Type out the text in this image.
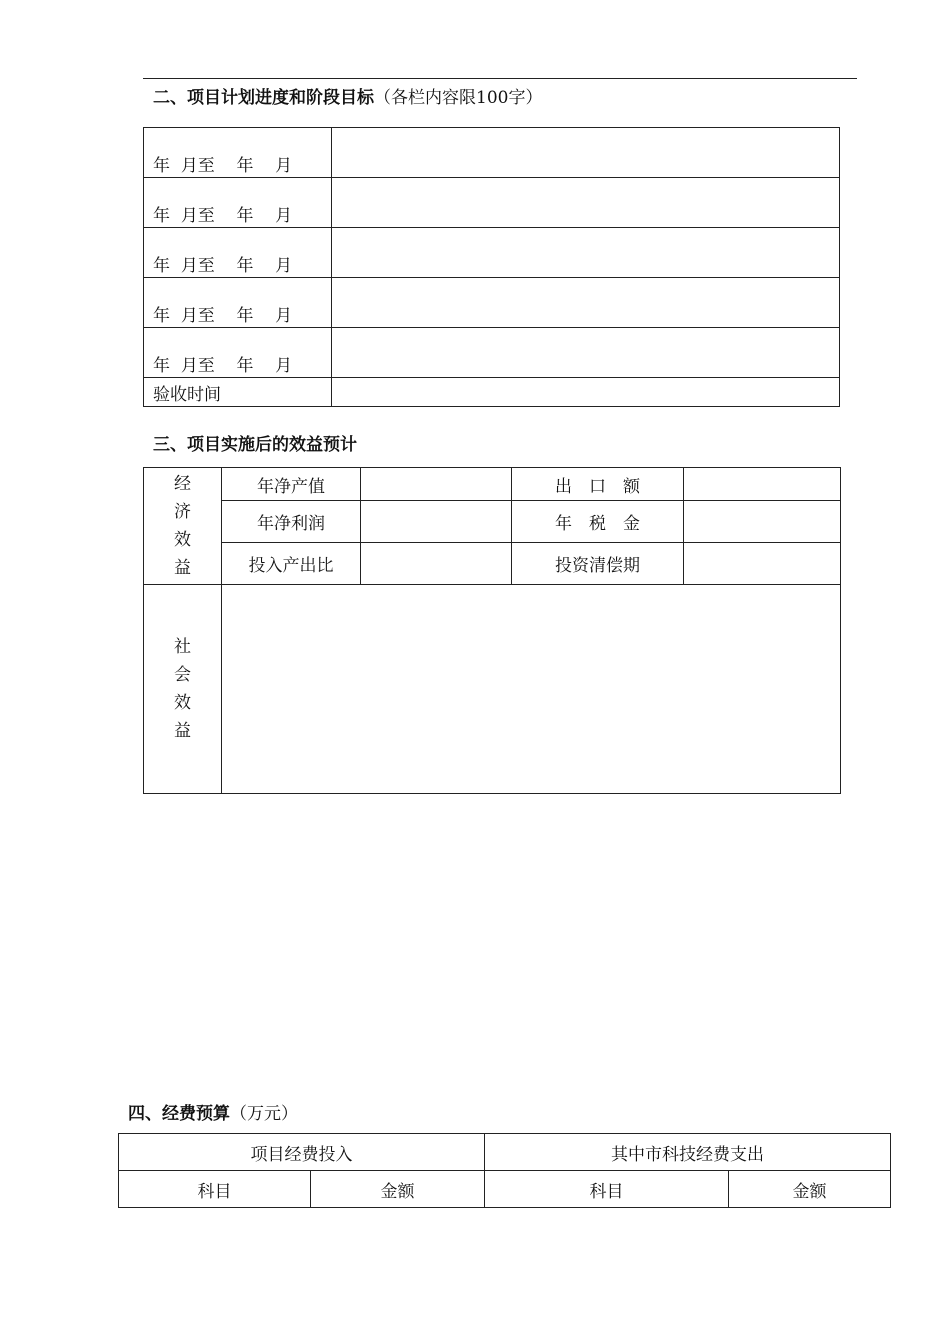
二、项目计划进度和阶段目标（各栏内容限100字）
年 月至 年 月	
年 月至 年 月	
年 月至 年 月	
年 月至 年 月	
年 月至 年 月	
验收时间	
三、项目实施后的效益预计
经
济
效
益	年净产值		出　口　额	
	年净利润		年　税　金	
	投入产出比		投资清偿期	

社
会
效
益				

四、经费预算（万元）
项目经费投入		其中市科技经费支出	
科目	金额	科目	金额
